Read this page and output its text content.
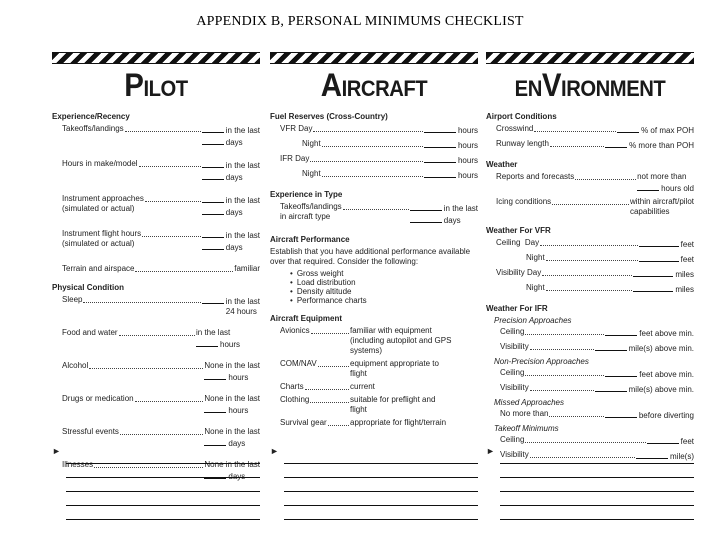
APPENDIX B, PERSONAL MINIMUMS CHECKLIST
PILOT
Experience/Recency
Takeoffs/landings	in the last
days
Hours in make/model	in the last
days
Instrument approaches
(simulated or actual)
in the last
days
Instrument flight hours
(simulated or actual)
in the last
days
Terrain and airspace	familiar
Physical Condition
Sleep	in the last
24 hours
Food and water	in the last
hours
Alcohol	None in the last
hours
Drugs or medication	None in the last
hours
Stressful events	None in the last
days
Illnesses	None in the last
days
►
AIRCRAFT
Fuel Reserves (Cross-Country)
VFR Day	hours
Night	hours
IFR Day	hours
Night	hours
Experience in Type
Takeoffs/landings
in aircraft type
in the last
days
Aircraft Performance
Establish that you have additional performance available over that required. Consider the following:
• Gross weight
• Load distribution
• Density altitude
• Performance charts
Aircraft Equipment
Avionics	familiar with equipment
(including autopilot and GPS
systems)
COM/NAV	equipment appropriate to
flight
Charts	current
Clothing	suitable for preflight and
flight
Survival gear	appropriate for flight/terrain
►
ENVIRONMENT
Airport Conditions
Crosswind	% of max POH
Runway length	% more than POH
Weather
Reports and forecasts	not more than
hours old
Icing conditions	within aircraft/pilot
capabilities
Weather For VFR
Ceiling  Day	feet
Night	feet
Visibility Day	miles
Night	miles
Weather For IFR
Precision Approaches
Ceiling	feet above min.
Visibility	mile(s) above min.
Non-Precision Approaches
Ceiling	feet above min.
Visibility	mile(s) above min.
Missed Approaches
No more than	before diverting
Takeoff Minimums
Ceiling	feet
Visibility	mile(s)
►
